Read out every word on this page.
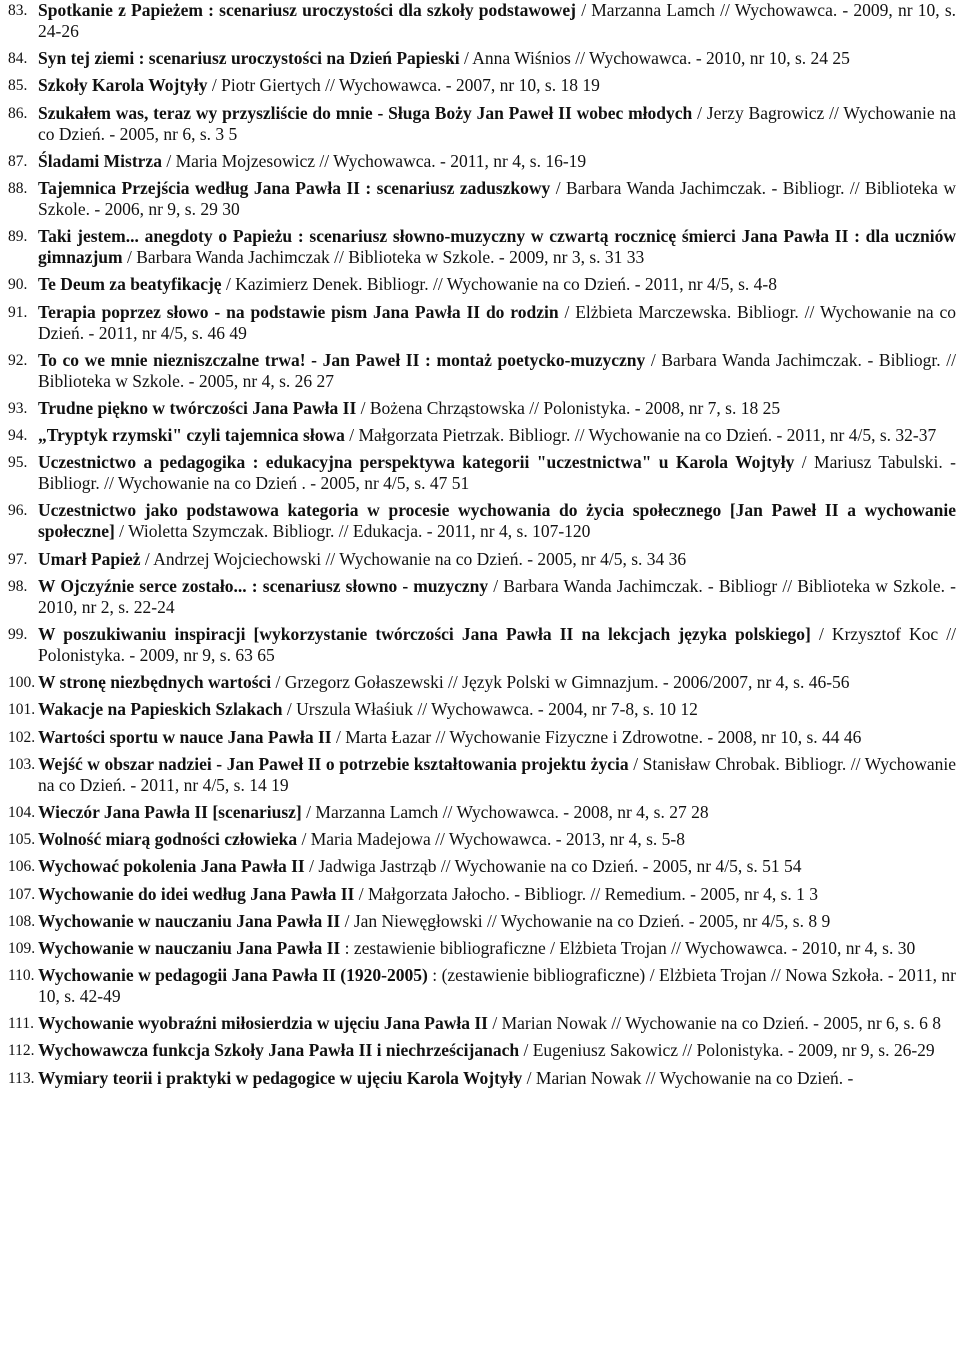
83. Spotkanie z Papieżem : scenariusz uroczystości dla szkoły podstawowej / Marzanna Lamch // Wychowawca. - 2009, nr 10, s. 24-26
84. Syn tej ziemi : scenariusz uroczystości na Dzień Papieski / Anna Wiśnios // Wychowawca. - 2010, nr 10, s. 24 25
85. Szkoły Karola Wojtyły / Piotr Giertych // Wychowawca. - 2007, nr 10, s. 18 19
86. Szukałem was, teraz wy przyszliście do mnie - Sługa Boży Jan Paweł II wobec młodych / Jerzy Bagrowicz // Wychowanie na co Dzień. - 2005, nr 6, s. 3 5
87. Śladami Mistrza / Maria Mojzesowicz // Wychowawca. - 2011, nr 4, s. 16-19
88. Tajemnica Przejścia według Jana Pawła II : scenariusz zaduszkowy / Barbara Wanda Jachimczak. - Bibliogr. // Biblioteka w Szkole. - 2006, nr 9, s. 29 30
89. Taki jestem... anegdoty o Papieżu : scenariusz słowno-muzyczny w czwartą rocznicę śmierci Jana Pawła II : dla uczniów gimnazjum / Barbara Wanda Jachimczak // Biblioteka w Szkole. - 2009, nr 3, s. 31 33
90. Te Deum za beatyfikację / Kazimierz Denek. Bibliogr. // Wychowanie na co Dzień. - 2011, nr 4/5, s. 4-8
91. Terapia poprzez słowo - na podstawie pism Jana Pawła II do rodzin / Elżbieta Marczewska. Bibliogr. // Wychowanie na co Dzień. - 2011, nr 4/5, s. 46 49
92. To co we mnie niezniszczalne trwa! - Jan Paweł II : montaż poetycko-muzyczny / Barbara Wanda Jachimczak. - Bibliogr. // Biblioteka w Szkole. - 2005, nr 4, s. 26 27
93. Trudne piękno w twórczości Jana Pawła II / Bożena Chrząstowska // Polonistyka. - 2008, nr 7, s. 18 25
94. „Tryptyk rzymski" czyli tajemnica słowa / Małgorzata Pietrzak. Bibliogr. // Wychowanie na co Dzień. - 2011, nr 4/5, s. 32-37
95. Uczestnictwo a pedagogika : edukacyjna perspektywa kategorii "uczestnictwa" u Karola Wojtyły / Mariusz Tabulski. - Bibliogr. // Wychowanie na co Dzień . - 2005, nr 4/5, s. 47 51
96. Uczestnictwo jako podstawowa kategoria w procesie wychowania do życia społecznego [Jan Paweł II a wychowanie społeczne] / Wioletta Szymczak. Bibliogr. // Edukacja. - 2011, nr 4, s. 107-120
97. Umarł Papież / Andrzej Wojciechowski // Wychowanie na co Dzień. - 2005, nr 4/5, s. 34 36
98. W Ojczyźnie serce zostało... : scenariusz słowno - muzyczny / Barbara Wanda Jachimczak. - Bibliogr // Biblioteka w Szkole. - 2010, nr 2, s. 22-24
99. W poszukiwaniu inspiracji [wykorzystanie twórczości Jana Pawła II na lekcjach języka polskiego] / Krzysztof Koc // Polonistyka. - 2009, nr 9, s. 63 65
100. W stronę niezbędnych wartości / Grzegorz Gołaszewski // Język Polski w Gimnazjum. - 2006/2007, nr 4, s. 46-56
101. Wakacje na Papieskich Szlakach / Urszula Właśiuk // Wychowawca. - 2004, nr 7-8, s. 10 12
102. Wartości sportu w nauce Jana Pawła II / Marta Łazar // Wychowanie Fizyczne i Zdrowotne. - 2008, nr 10, s. 44 46
103. Wejść w obszar nadziei - Jan Paweł II o potrzebie kształtowania projektu życia / Stanisław Chrobak. Bibliogr. // Wychowanie na co Dzień. - 2011, nr 4/5, s. 14 19
104. Wieczór Jana Pawła II [scenariusz] / Marzanna Lamch // Wychowawca. - 2008, nr 4, s. 27 28
105. Wolność miarą godności człowieka / Maria Madejowa // Wychowawca. - 2013, nr 4, s. 5-8
106. Wychować pokolenia Jana Pawła II / Jadwiga Jastrząb // Wychowanie na co Dzień. - 2005, nr 4/5, s. 51 54
107. Wychowanie do idei według Jana Pawła II / Małgorzata Jałocho. - Bibliogr. // Remedium. - 2005, nr 4, s. 1 3
108. Wychowanie w nauczaniu Jana Pawła II / Jan Niewęgłowski // Wychowanie na co Dzień. - 2005, nr 4/5, s. 8 9
109. Wychowanie w nauczaniu Jana Pawła II : zestawienie bibliograficzne / Elżbieta Trojan // Wychowawca. - 2010, nr 4, s. 30
110. Wychowanie w pedagogii Jana Pawła II (1920-2005) : (zestawienie bibliograficzne) / Elżbieta Trojan // Nowa Szkoła. - 2011, nr 10, s. 42-49
111. Wychowanie wyobraźni miłosierdzia w ujęciu Jana Pawła II / Marian Nowak // Wychowanie na co Dzień. - 2005, nr 6, s. 6 8
112. Wychowawcza funkcja Szkoły Jana Pawła II i niechrześcijanach / Eugeniusz Sakowicz // Polonistyka. - 2009, nr 9, s. 26-29
113. Wymiary teorii i praktyki w pedagogice w ujęciu Karola Wojtyły / Marian Nowak // Wychowanie na co Dzień. -
